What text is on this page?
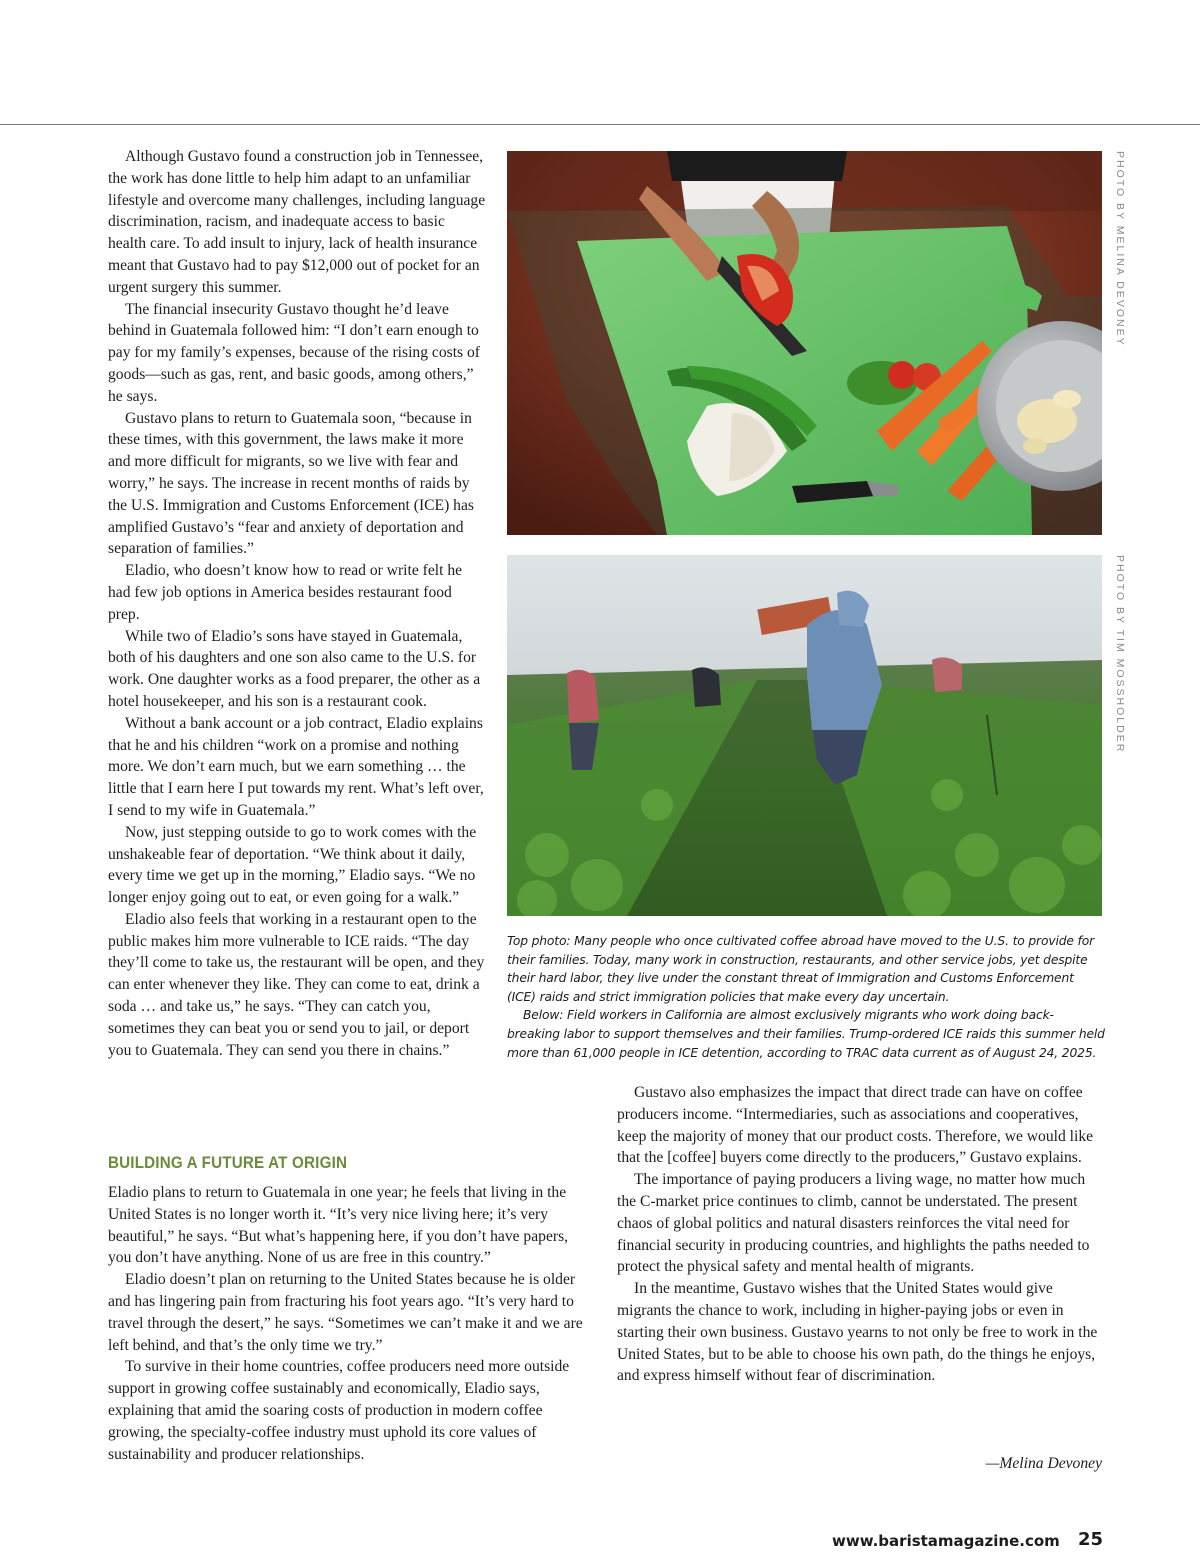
Although Gustavo found a construction job in Tennessee, the work has done little to help him adapt to an unfamiliar lifestyle and overcome many challenges, including language discrimination, racism, and inadequate access to basic health care. To add insult to injury, lack of health insurance meant that Gustavo had to pay $12,000 out of pocket for an urgent surgery this summer.

The financial insecurity Gustavo thought he’d leave behind in Guatemala followed him: “I don’t earn enough to pay for my family’s expenses, because of the rising costs of goods—such as gas, rent, and basic goods, among others,” he says.

Gustavo plans to return to Guatemala soon, “because in these times, with this government, the laws make it more and more difficult for migrants, so we live with fear and worry,” he says. The increase in recent months of raids by the U.S. Immigration and Customs Enforcement (ICE) has amplified Gustavo’s “fear and anxiety of deportation and separation of families.”

Eladio, who doesn’t know how to read or write felt he had few job options in America besides restaurant food prep.

While two of Eladio’s sons have stayed in Guatemala, both of his daughters and one son also came to the U.S. for work. One daughter works as a food preparer, the other as a hotel housekeeper, and his son is a restaurant cook.

Without a bank account or a job contract, Eladio explains that he and his children “work on a promise and nothing more. We don’t earn much, but we earn something … the little that I earn here I put towards my rent. What’s left over, I send to my wife in Guatemala.”

Now, just stepping outside to go to work comes with the unshakeable fear of deportation. “We think about it daily, every time we get up in the morning,” Eladio says. “We no longer enjoy going out to eat, or even going for a walk.”

Eladio also feels that working in a restaurant open to the public makes him more vulnerable to ICE raids. “The day they’ll come to take us, the restaurant will be open, and they can enter whenever they like. They can come to eat, drink a soda … and take us,” he says. “They can catch you, sometimes they can beat you or send you to jail, or deport you to Guatemala. They can send you there in chains.”

PHOTO BY MELINA DEVONEY
PHOTO BY TIM MOSSHOLDER

Top photo: Many people who once cultivated coffee abroad have moved to the U.S. to provide for their families. Today, many work in construction, restaurants, and other service jobs, yet despite their hard labor, they live under the constant threat of Immigration and Customs Enforcement (ICE) raids and strict immigration policies that make every day uncertain.

Below: Field workers in California are almost exclusively migrants who work doing back-breaking labor to support themselves and their families. Trump-ordered ICE raids this summer held more than 61,000 people in ICE detention, according to TRAC data current as of August 24, 2025.

BUILDING A FUTURE AT ORIGIN

Eladio plans to return to Guatemala in one year; he feels that living in the United States is no longer worth it. “It’s very nice living here; it’s very beautiful,” he says. “But what’s happening here, if you don’t have papers, you don’t have anything. None of us are free in this country.”

Eladio doesn’t plan on returning to the United States because he is older and has lingering pain from fracturing his foot years ago. “It’s very hard to travel through the desert,” he says. “Sometimes we can’t make it and we are left behind, and that’s the only time we try.”

To survive in their home countries, coffee producers need more outside support in growing coffee sustainably and economically, Eladio says, explaining that amid the soaring costs of production in modern coffee growing, the specialty-coffee industry must uphold its core values of sustainability and producer relationships.

Gustavo also emphasizes the impact that direct trade can have on coffee producers income. “Intermediaries, such as associations and cooperatives, keep the majority of money that our product costs. Therefore, we would like that the [coffee] buyers come directly to the producers,” Gustavo explains.

The importance of paying producers a living wage, no matter how much the C-market price continues to climb, cannot be understated. The present chaos of global politics and natural disasters reinforces the vital need for financial security in producing countries, and highlights the paths needed to protect the physical safety and mental health of migrants.

In the meantime, Gustavo wishes that the United States would give migrants the chance to work, including in higher-paying jobs or even in starting their own business. Gustavo yearns to not only be free to work in the United States, but to be able to choose his own path, do the things he enjoys, and express himself without fear of discrimination.

—Melina Devoney
www.baristamagazine.com 25
